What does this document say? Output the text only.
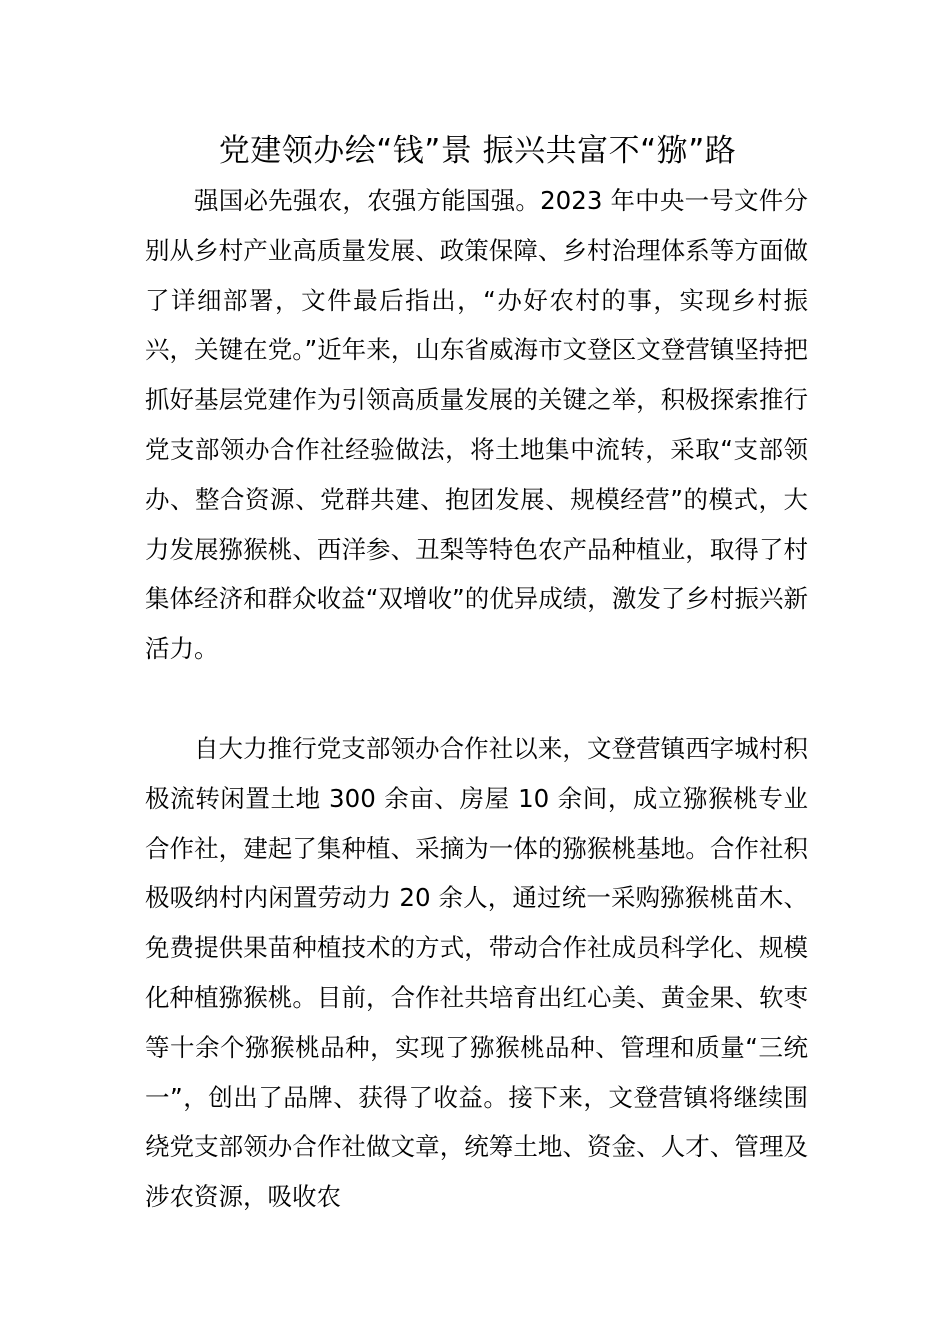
党建领办绘“钱”景 振兴共富不“猕”路

强国必先强农，农强方能国强。2023 年中央一号文件分别从乡村产业高质量发展、政策保障、乡村治理体系等方面做了详细部署，文件最后指出，“办好农村的事，实现乡村振兴，关键在党。”近年来，山东省威海市文登区文登营镇坚持把抓好基层党建作为引领高质量发展的关键之举，积极探索推行党支部领办合作社经验做法，将土地集中流转，采取“支部领办、整合资源、党群共建、抱团发展、规模经营”的模式，大力发展猕猴桃、西洋参、丑梨等特色农产品种植业，取得了村集体经济和群众收益“双增收”的优异成绩，激发了乡村振兴新活力。

自大力推行党支部领办合作社以来，文登营镇西字城村积极流转闲置土地 300 余亩、房屋 10 余间，成立猕猴桃专业合作社，建起了集种植、采摘为一体的猕猴桃基地。合作社积极吸纳村内闲置劳动力 20 余人，通过统一采购猕猴桃苗木、免费提供果苗种植技术的方式，带动合作社成员科学化、规模化种植猕猴桃。目前，合作社共培育出红心美、黄金果、软枣等十余个猕猴桃品种，实现了猕猴桃品种、管理和质量“三统一”，创出了品牌、获得了收益。接下来，文登营镇将继续围绕党支部领办合作社做文章，统筹土地、资金、人才、管理及涉农资源，吸收农
